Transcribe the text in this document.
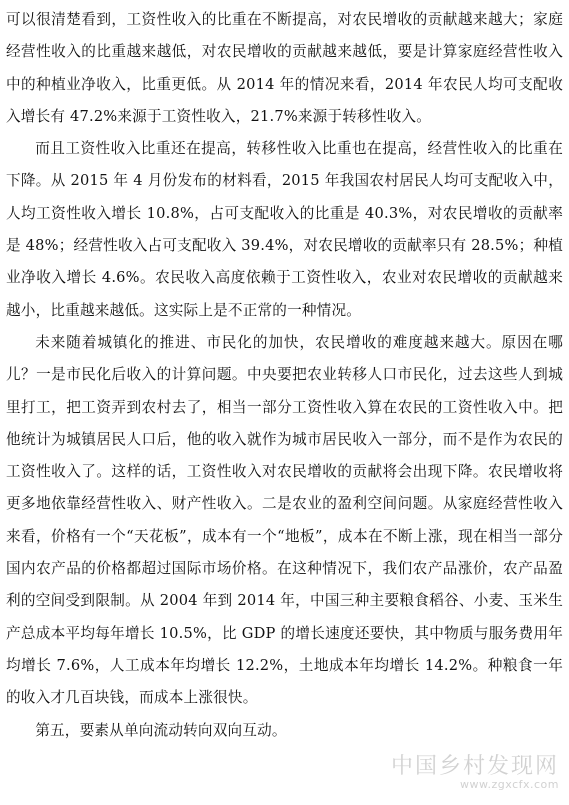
可以很清楚看到，工资性收入的比重在不断提高，对农民增收的贡献越来越大；家庭经营性收入的比重越来越低，对农民增收的贡献越来越低，要是计算家庭经营性收入中的种植业净收入，比重更低。从 2014 年的情况来看，2014 年农民人均可支配收入增长有 47.2%来源于工资性收入，21.7%来源于转移性收入。

而且工资性收入比重还在提高，转移性收入比重也在提高，经营性收入的比重在下降。从 2015 年 4 月份发布的材料看，2015 年我国农村居民人均可支配收入中，人均工资性收入增长 10.8%，占可支配收入的比重是 40.3%，对农民增收的贡献率是 48%；经营性收入占可支配收入 39.4%，对农民增收的贡献率只有 28.5%；种植业净收入增长 4.6%。农民收入高度依赖于工资性收入，农业对农民增收的贡献越来越小，比重越来越低。这实际上是不正常的一种情况。

未来随着城镇化的推进、市民化的加快，农民增收的难度越来越大。原因在哪儿？一是市民化后收入的计算问题。中央要把农业转移人口市民化，过去这些人到城里打工，把工资弄到农村去了，相当一部分工资性收入算在农民的工资性收入中。把他统计为城镇居民人口后，他的收入就作为城市居民收入一部分，而不是作为农民的工资性收入了。这样的话，工资性收入对农民增收的贡献将会出现下降。农民增收将更多地依靠经营性收入、财产性收入。二是农业的盈利空间问题。从家庭经营性收入来看，价格有一个“天花板”，成本有一个“地板”，成本在不断上涨，现在相当一部分国内农产品的价格都超过国际市场价格。在这种情况下，我们农产品涨价，农产品盈利的空间受到限制。从 2004 年到 2014 年，中国三种主要粮食稻谷、小麦、玉米生产总成本平均每年增长 10.5%，比 GDP 的增长速度还要快，其中物质与服务费用年均增长 7.6%，人工成本年均增长 12.2%，土地成本年均增长 14.2%。种粮食一年的收入才几百块钱，而成本上涨很快。

第五，要素从单向流动转向双向互动。

中国乡村发现网
www.zgxcfx.com
